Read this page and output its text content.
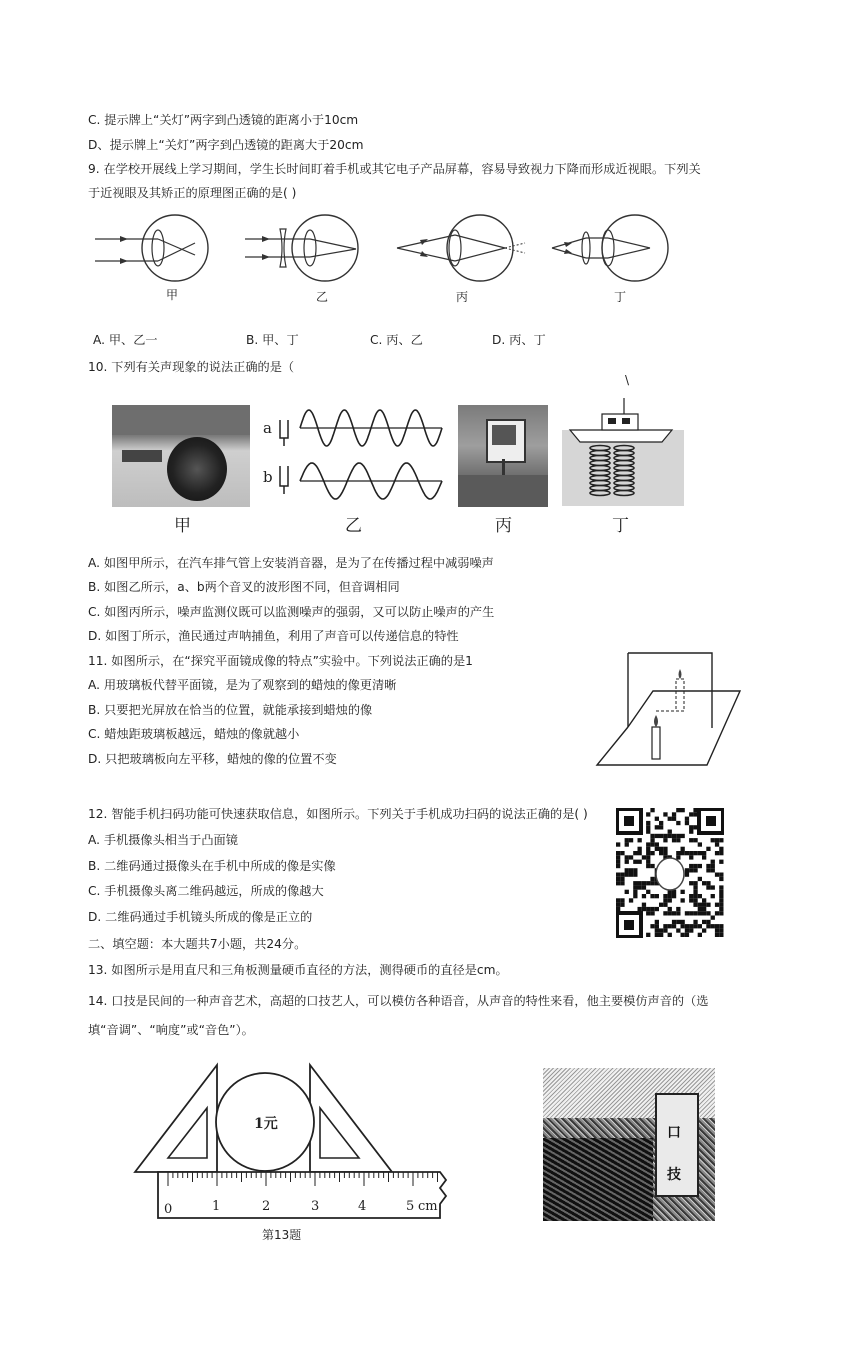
C. 提示牌上“关灯”两字到凸透镜的距离小于10cm
D、提示牌上“关灯”两字到凸透镜的距离大于20cm
9. 在学校开展线上学习期间，学生长时间盯着手机或其它电子产品屏幕，容易导致视力下降而形成近视眼。下列关
于近视眼及其矫正的原理图正确的是( )
甲	乙	丙	丁
A. 甲、乙一	B. 甲、丁	C. 丙、乙	D. 丙、丁
10. 下列有关声现象的说法正确的是（
\
甲
a
b
乙	丙	丁
A. 如图甲所示，在汽车排气管上安装消音器，是为了在传播过程中减弱噪声
B. 如图乙所示，a、b两个音叉的波形图不同，但音调相同
C. 如图丙所示，噪声监测仪既可以监测噪声的强弱，又可以防止噪声的产生
D. 如图丁所示，渔民通过声呐捕鱼，利用了声音可以传递信息的特性
11. 如图所示，在“探究平面镜成像的特点”实验中。下列说法正确的是1
A. 用玻璃板代替平面镜，是为了观察到的蜡烛的像更清晰
B. 只要把光屏放在恰当的位置，就能承接到蜡烛的像
C. 蜡烛距玻璃板越远，蜡烛的像就越小
D. 只把玻璃板向左平移，蜡烛的像的位置不变
12. 智能手机扫码功能可快速获取信息，如图所示。下列关于手机成功扫码的说法正确的是( )
A. 手机摄像头相当于凸面镜
B. 二维码通过摄像头在手机中所成的像是实像
C. 手机摄像头离二维码越远，所成的像越大
D. 二维码通过手机镜头所成的像是正立的
二、填空题：本大题共7小题，共24分。
13. 如图所示是用直尺和三角板测量硬币直径的方法，测得硬币的直径是cm。
14. 口技是民间的一种声音艺术，高超的口技艺人，可以模仿各种语音，从声音的特性来看，他主要模仿声音的（选
填“音调”、“响度”或“音色”）。
1元
0	1	2	3	4	5 cm
第13题
口
技
